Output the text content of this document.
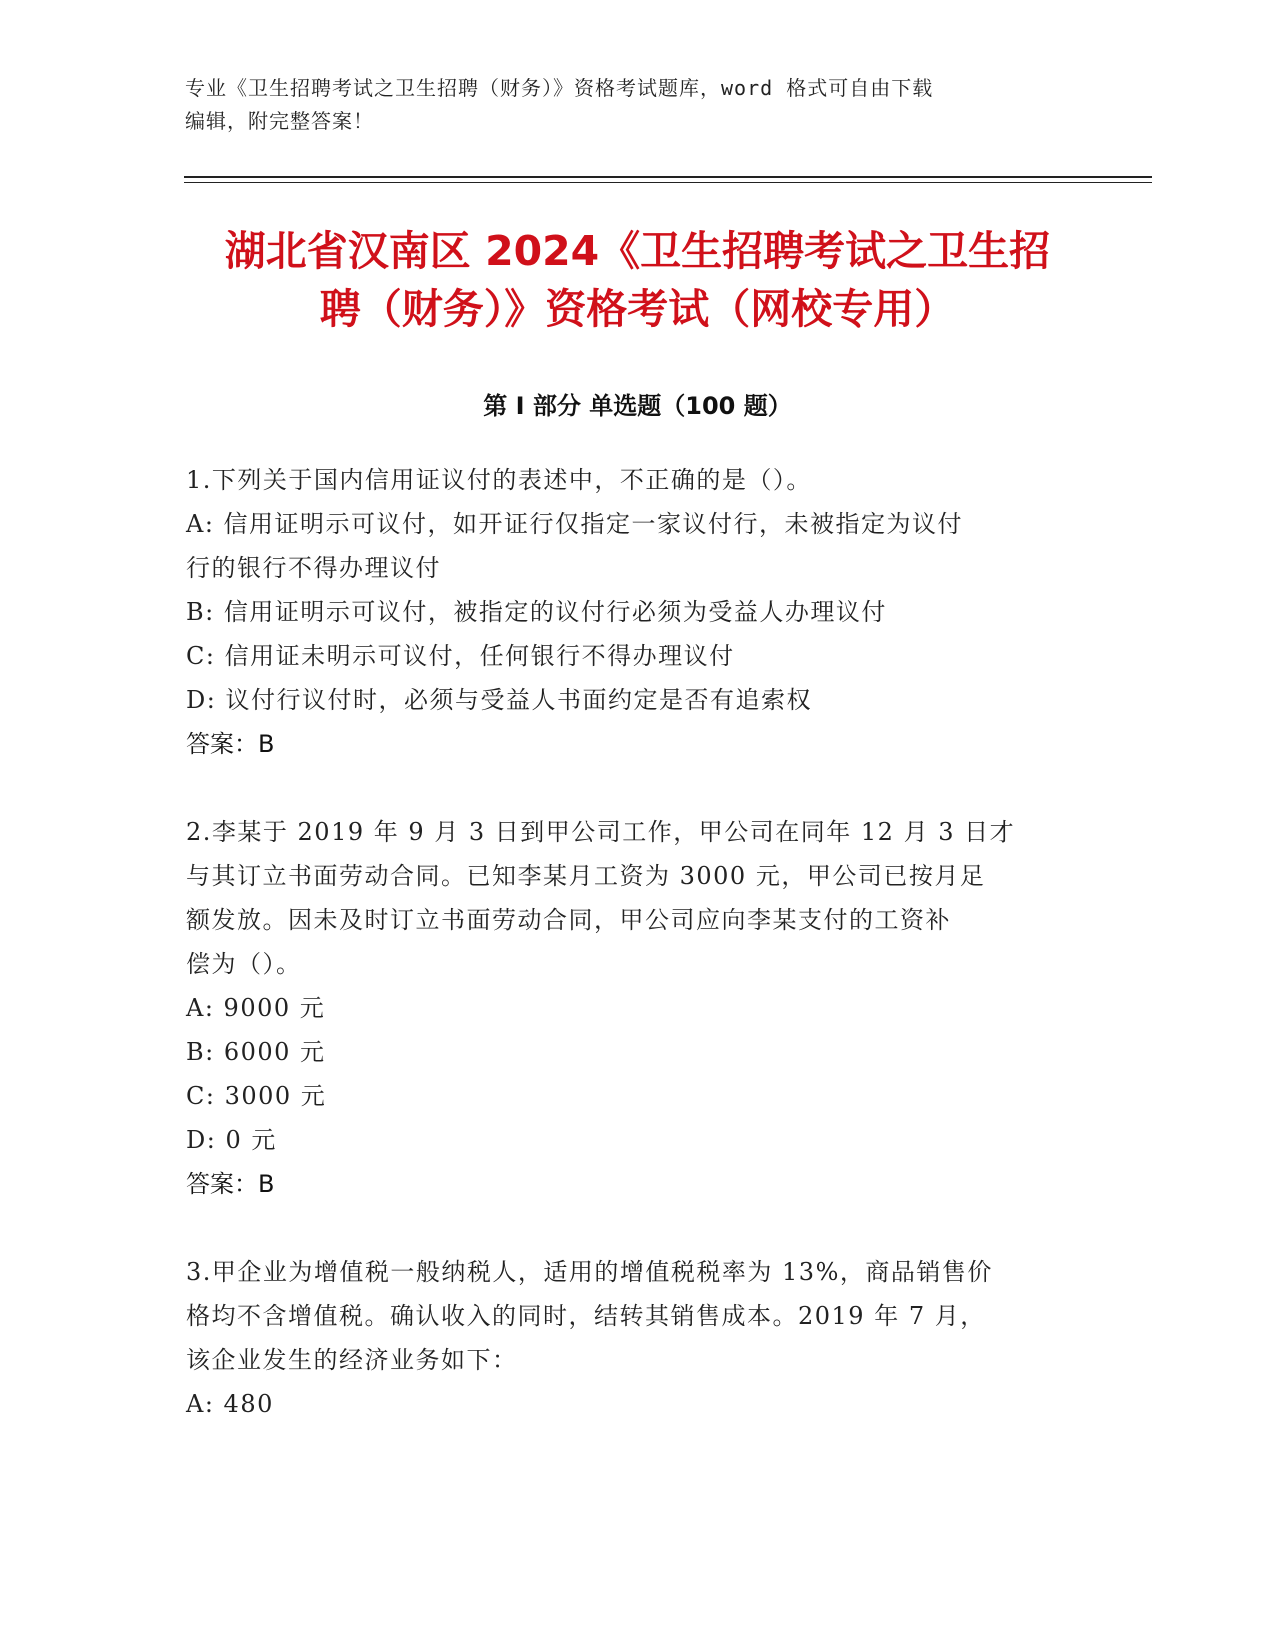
专业《卫生招聘考试之卫生招聘（财务）》资格考试题库，word 格式可自由下载
编辑，附完整答案！
湖北省汉南区 2024《卫生招聘考试之卫生招
聘（财务）》资格考试（网校专用）
第 I 部分 单选题（100 题）
1.下列关于国内信用证议付的表述中，不正确的是（）。
A: 信用证明示可议付，如开证行仅指定一家议付行，未被指定为议付
行的银行不得办理议付
B: 信用证明示可议付，被指定的议付行必须为受益人办理议付
C: 信用证未明示可议付，任何银行不得办理议付
D: 议付行议付时，必须与受益人书面约定是否有追索权
答案：B
2.李某于 2019 年 9 月 3 日到甲公司工作，甲公司在同年 12 月 3 日才
与其订立书面劳动合同。已知李某月工资为 3000 元，甲公司已按月足
额发放。因未及时订立书面劳动合同，甲公司应向李某支付的工资补
偿为（）。
A: 9000 元
B: 6000 元
C: 3000 元
D: 0 元
答案：B
3.甲企业为增值税一般纳税人，适用的增值税税率为 13%，商品销售价
格均不含增值税。确认收入的同时，结转其销售成本。2019 年 7 月，
该企业发生的经济业务如下：
A: 480
